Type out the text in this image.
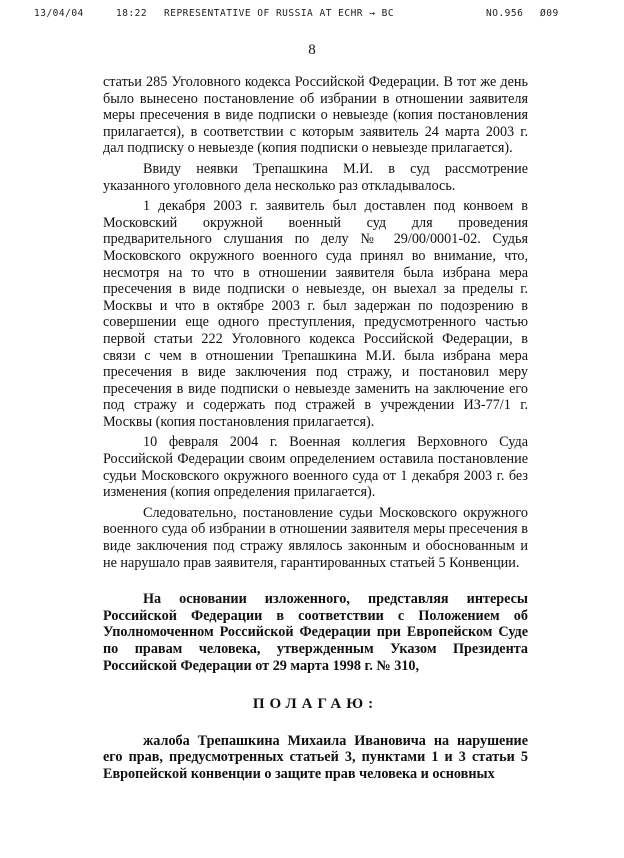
13/04/04	18:22 REPRESENTATIVE OF RUSSIA AT ECHR → BC	NO.956 Ø09
8

статьи 285 Уголовного кодекса Российской Федерации. В тот же день было вынесено постановление об избрании в отношении заявителя меры пресечения в виде подписки о невыезде (копия постановления прилагается), в соответствии с которым заявитель 24 марта 2003 г. дал подписку о невыезде (копия подписки о невыезде прилагается).

Ввиду неявки Трепашкина М.И. в суд рассмотрение указанного уголовного дела несколько раз откладывалось.

1 декабря 2003 г. заявитель был доставлен под конвоем в Московский окружной военный суд для проведения предварительного слушания по делу № 29/00/0001-02. Судья Московского окружного военного суда принял во внимание, что, несмотря на то что в отношении заявителя была избрана мера пресечения в виде подписки о невыезде, он выехал за пределы г. Москвы и что в октябре 2003 г. был задержан по подозрению в совершении еще одного преступления, предусмотренного частью первой статьи 222 Уголовного кодекса Российской Федерации, в связи с чем в отношении Трепашкина М.И. была избрана мера пресечения в виде заключения под стражу, и постановил меру пресечения в виде подписки о невыезде заменить на заключение его под стражу и содержать под стражей в учреждении ИЗ-77/1 г. Москвы (копия постановления прилагается).

10 февраля 2004 г. Военная коллегия Верховного Суда Российской Федерации своим определением оставила постановление судьи Московского окружного военного суда от 1 декабря 2003 г. без изменения (копия определения прилагается).

Следовательно, постановление судьи Московского окружного военного суда об избрании в отношении заявителя меры пресечения в виде заключения под стражу являлось законным и обоснованным и не нарушало прав заявителя, гарантированных статьей 5 Конвенции.

На основании изложенного, представляя интересы Российской Федерации в соответствии с Положением об Уполномоченном Российской Федерации при Европейском Суде по правам человека, утвержденным Указом Президента Российской Федерации от 29 марта 1998 г. № 310,

ПОЛАГАЮ:

жалоба Трепашкина Михаила Ивановича на нарушение его прав, предусмотренных статьей 3, пунктами 1 и 3 статьи 5 Европейской конвенции о защите прав человека и основных
